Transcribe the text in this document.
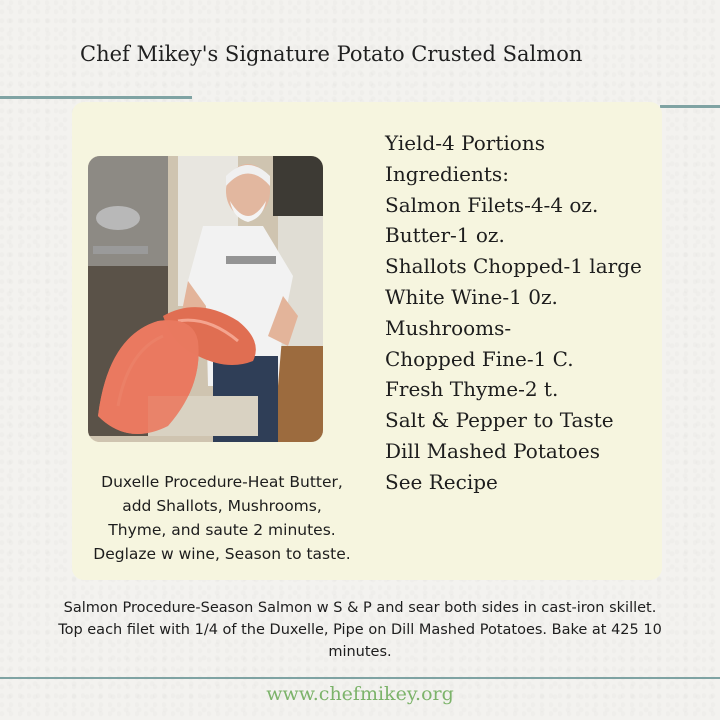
Chef Mikey's Signature Potato Crusted Salmon
Yield-4 Portions
Ingredients:
Salmon Filets-4-4 oz.
Butter-1 oz.
Shallots Chopped-1 large
White Wine-1 0z.
Mushrooms-
Chopped Fine-1 C.
Fresh Thyme-2 t.
Salt & Pepper to Taste
Dill Mashed Potatoes
See Recipe
Duxelle Procedure-Heat Butter,
add Shallots, Mushrooms,
Thyme, and saute 2 minutes.
Deglaze w wine, Season to taste.
Salmon Procedure-Season Salmon w S & P and sear both sides in cast-iron skillet.
Top each filet with 1/4 of the Duxelle, Pipe on Dill Mashed Potatoes. Bake at 425 10
minutes.
www.chefmikey.org
